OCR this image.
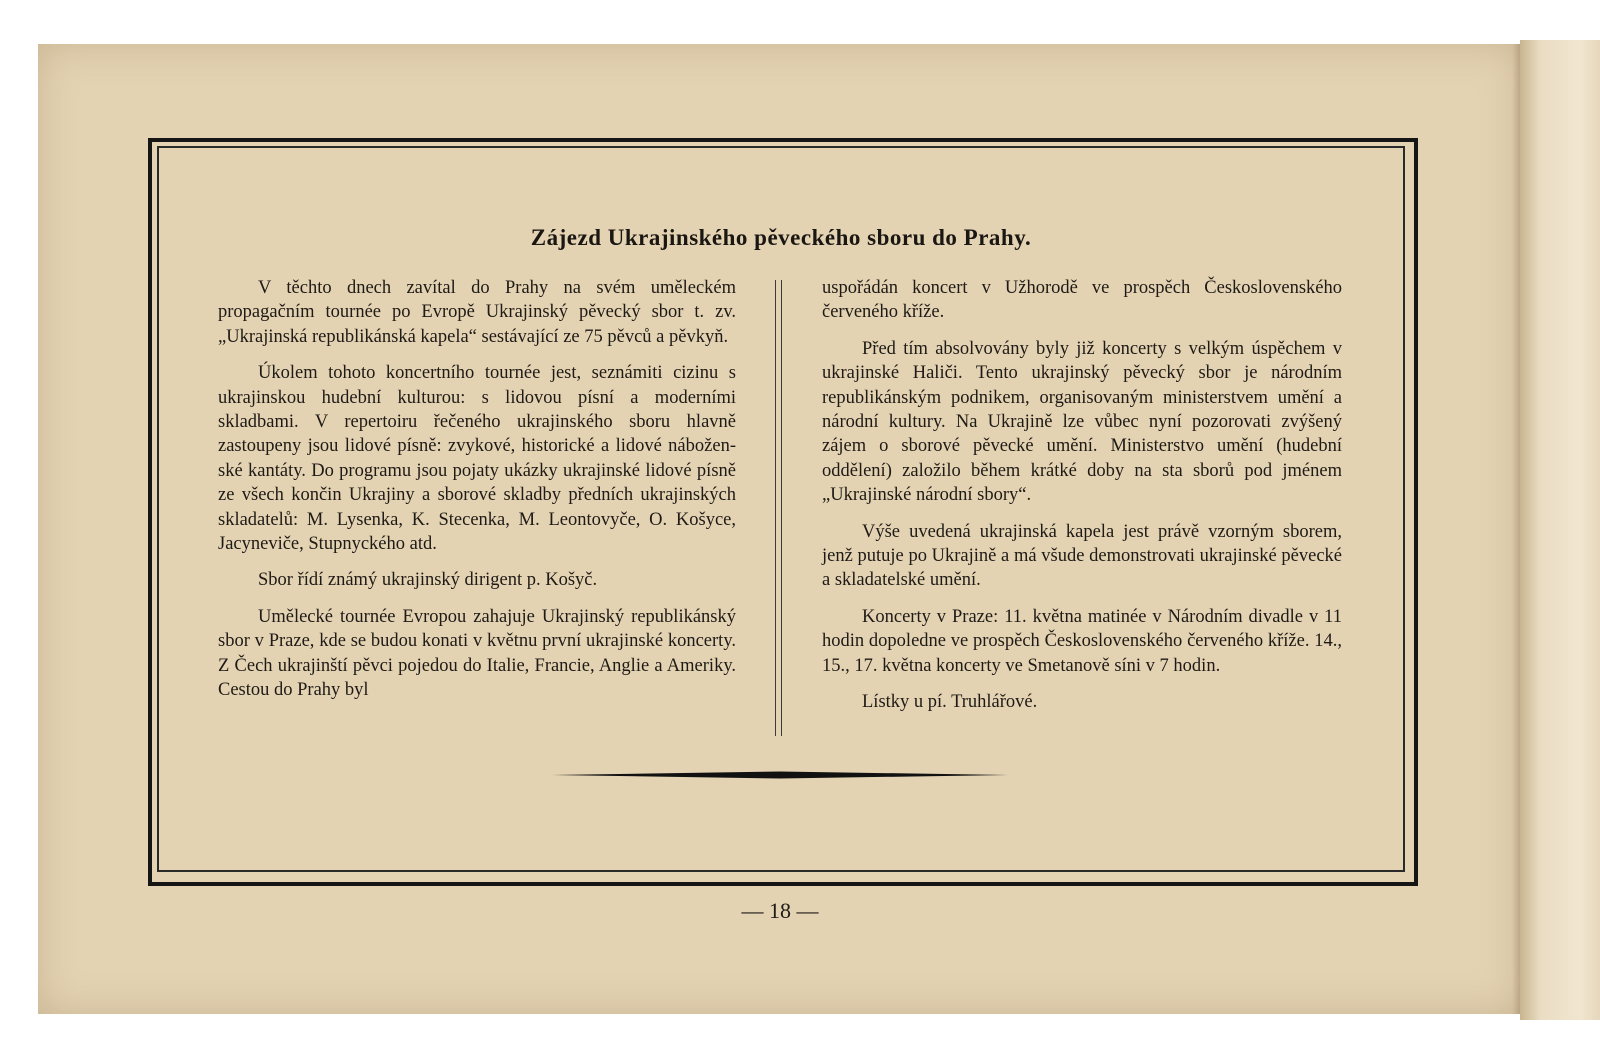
Zájezd Ukrajinského pěveckého sboru do Prahy.

V těchto dnech zavítal do Prahy na svém uměleckém propagačním tournée po Evropě Ukrajinský pěvecký sbor t. zv. „Ukrajinská republikánská kapela“ sestávající ze 75 pěvců a pěvkyň.

Úkolem tohoto koncertního tournée jest, seznámiti cizinu s ukrajinskou hudební kulturou: s lidovou písní a moderními skladbami. V repertoiru řečeného ukrajinského sboru hlavně zastoupeny jsou lidové písně: zvykové, historické a lidové náboženské kantáty. Do programu jsou pojaty ukázky ukrajinské lidové písně ze všech končin Ukrajiny a sborové skladby předních ukrajinských skladatelů: M. Lysenka, K. Stecenka, M. Leontovyče, O. Košyce, Jacyneviče, Stupnyckého atd.

Sbor řídí známý ukrajinský dirigent p. Košyč.

Umělecké tournée Evropou zahajuje Ukrajinský republikánský sbor v Praze, kde se budou konati v květnu první ukrajinské koncerty. Z Čech ukrajinští pěvci pojedou do Italie, Francie, Anglie a Ameriky. Cestou do Prahy byl

uspořádán koncert v Užhorodě ve prospěch Československého červeného kříže.

Před tím absolvovány byly již koncerty s velkým úspěchem v ukrajinské Haliči. Tento ukrajinský pěvecký sbor je národním republikánským podnikem, organisovaným ministerstvem umění a národní kultury. Na Ukrajině lze vůbec nyní pozorovati zvýšený zájem o sborové pěvecké umění. Ministerstvo umění (hudební oddělení) založilo během krátké doby na sta sborů pod jménem „Ukrajinské národní sbory“.

Výše uvedená ukrajinská kapela jest právě vzorným sborem, jenž putuje po Ukrajině a má všude demonstrovati ukrajinské pěvecké a skladatelské umění.

Koncerty v Praze: 11. května matinée v Národním divadle v 11 hodin dopoledne ve prospěch Československého červeného kříže. 14., 15., 17. května koncerty ve Smetanově síni v 7 hodin.

Lístky u pí. Truhlářové.

— 18 —
